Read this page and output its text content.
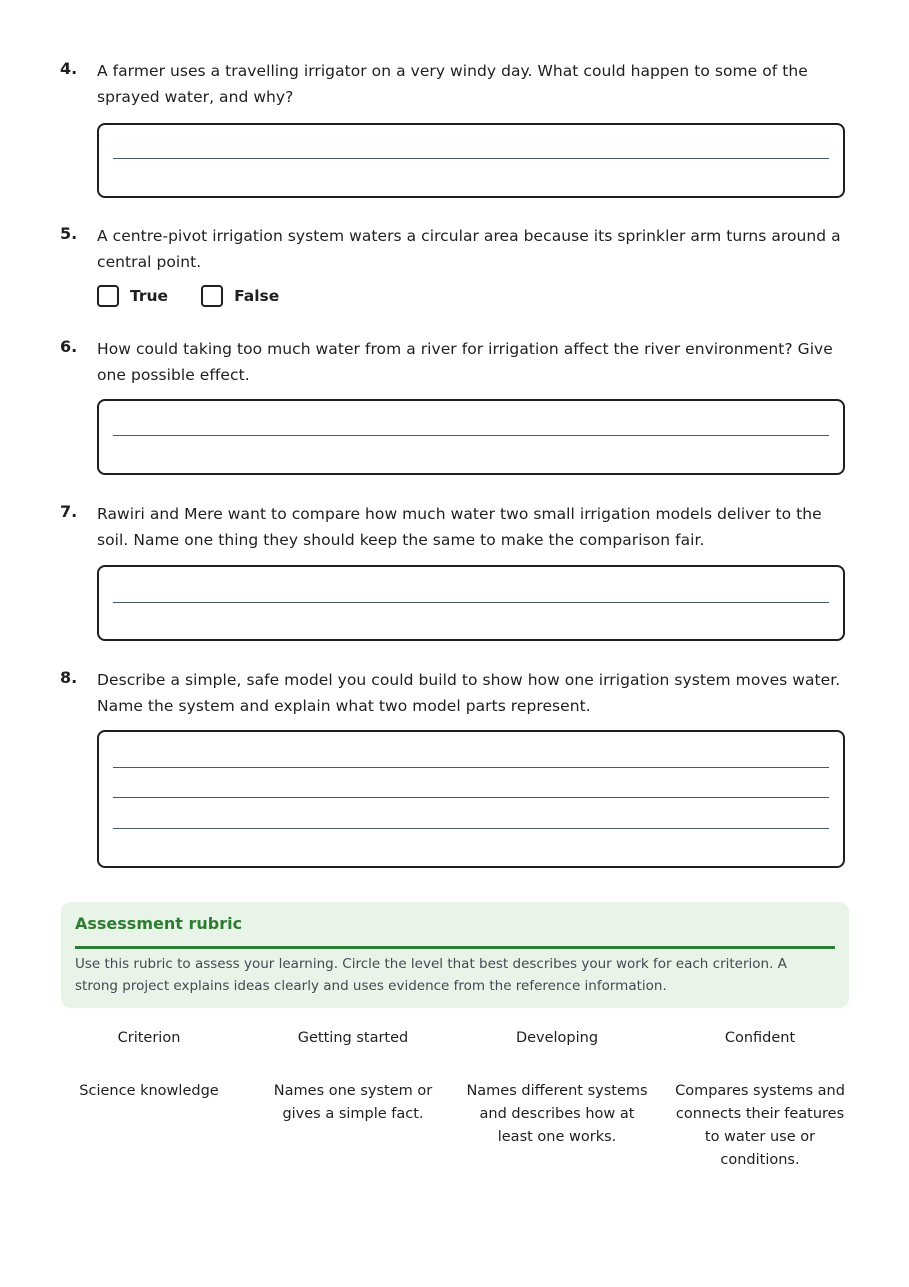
4. A farmer uses a travelling irrigator on a very windy day. What could happen to some of the sprayed water, and why?
5. A centre-pivot irrigation system waters a circular area because its sprinkler arm turns around a central point.
True	False
6. How could taking too much water from a river for irrigation affect the river environment? Give one possible effect.
7. Rawiri and Mere want to compare how much water two small irrigation models deliver to the soil. Name one thing they should keep the same to make the comparison fair.
8. Describe a simple, safe model you could build to show how one irrigation system moves water. Name the system and explain what two model parts represent.
Assessment rubric
Use this rubric to assess your learning. Circle the level that best describes your work for each criterion. A strong project explains ideas clearly and uses evidence from the reference information.
Criterion	Getting started	Developing	Confident
Science knowledge	Names one system or gives a simple fact.	Names different systems and describes how at least one works.	Compares systems and connects their features to water use or conditions.
